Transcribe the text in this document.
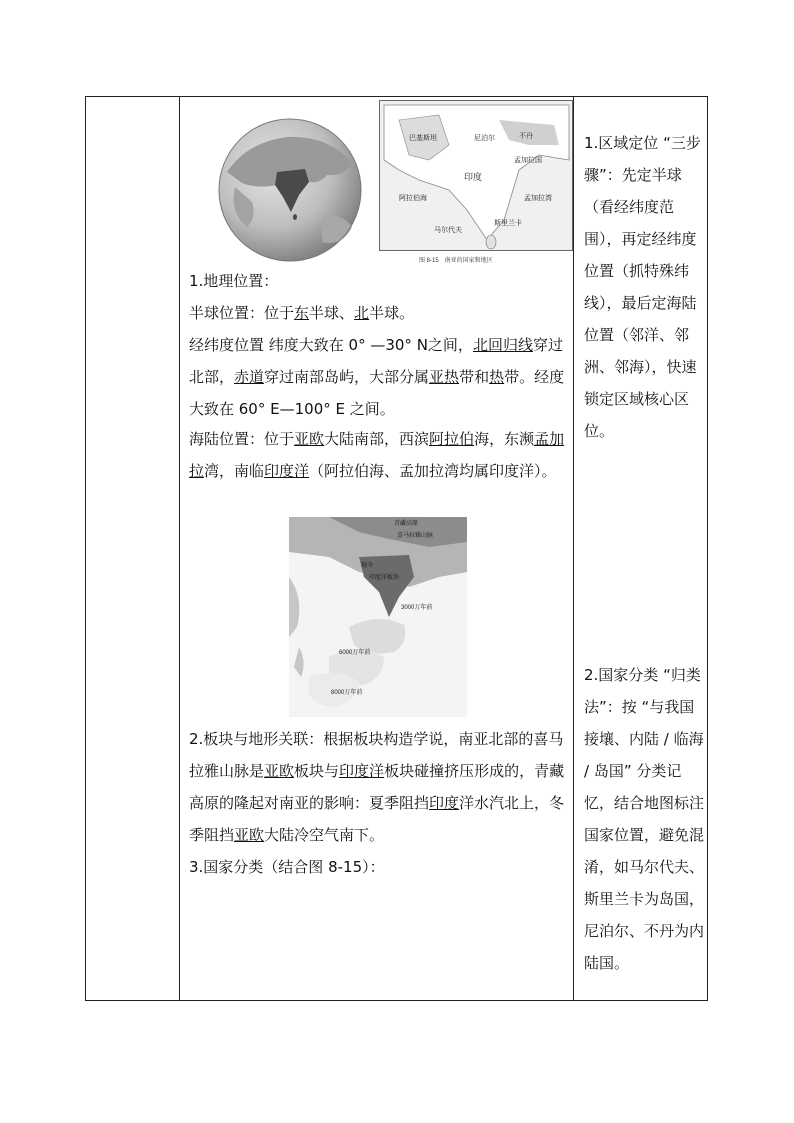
巴基斯坦	尼泊尔	不丹
印度
孟加拉国
斯里兰卡
马尔代夫
阿拉伯海	孟加拉湾
图 8-15　南亚的国家和地区
1.地理位置：
半球位置：位于东半球、北半球。
经纬度位置 纬度大致在 0° —30° N之间，北回归线穿过北部，赤道穿过南部岛屿，大部分属亚热带和热带。经度大致在 60° E—100° E 之间。
海陆位置：位于亚欧大陆南部，西滨阿拉伯海，东濒孟加拉湾，南临印度洋（阿拉伯海、孟加拉湾均属印度洋）。
青藏高原
喜马拉雅山脉
现今
印度洋板块
3000万年前
6000万年前
8000万年前
2.板块与地形关联：根据板块构造学说，南亚北部的喜马拉雅山脉是亚欧板块与印度洋板块碰撞挤压形成的，青藏高原的隆起对南亚的影响：夏季阻挡印度洋水汽北上，冬季阻挡亚欧大陆冷空气南下。
3.国家分类（结合图 8-15）：
1.区域定位 “三步骤”：先定半球（看经纬度范围），再定经纬度位置（抓特殊纬线），最后定海陆位置（邻洋、邻洲、邻海），快速锁定区域核心区位。
2.国家分类 “归类法”：按 “与我国接壤、内陆 / 临海 / 岛国” 分类记忆，结合地图标注国家位置，避免混淆，如马尔代夫、斯里兰卡为岛国，尼泊尔、不丹为内陆国。
